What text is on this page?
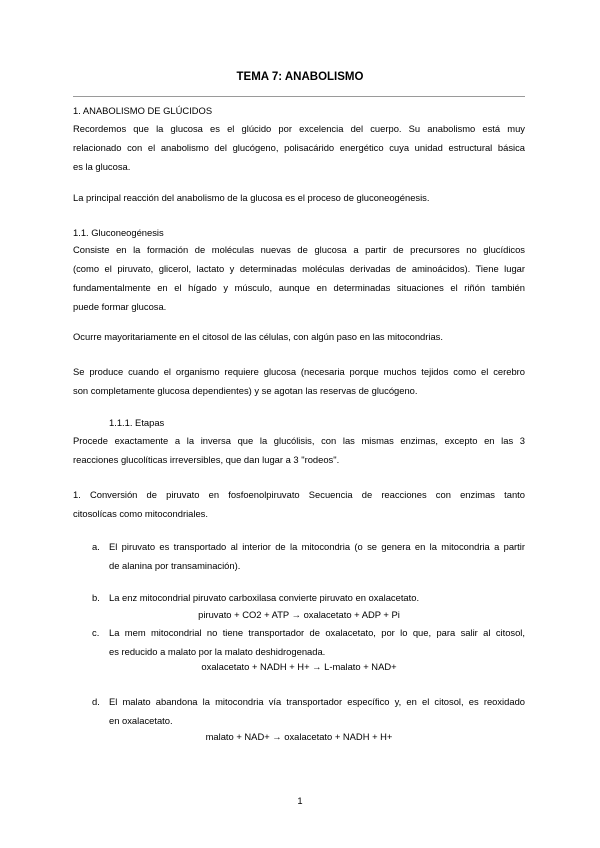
TEMA 7: ANABOLISMO
1. ANABOLISMO DE GLÚCIDOS
Recordemos que la glucosa es el glúcido por excelencia del cuerpo. Su anabolismo está muy
relacionado con el anabolismo del glucógeno, polisacárido energético cuya unidad estructural básica
es la glucosa.
La principal reacción del anabolismo de la glucosa es el proceso de gluconeogénesis.
1.1. Gluconeogénesis
Consiste en la formación de moléculas nuevas de glucosa a partir de precursores no glucídicos
(como el piruvato, glicerol, lactato y determinadas moléculas derivadas de aminoácidos). Tiene lugar
fundamentalmente en el hígado y músculo, aunque en determinadas situaciones el riñón también
puede formar glucosa.
Ocurre mayoritariamente en el citosol de las células, con algún paso en las mitocondrias.
Se produce cuando el organismo requiere glucosa (necesaria porque muchos tejidos como el cerebro
son completamente glucosa dependientes) y se agotan las reservas de glucógeno.
1.1.1. Etapas
Procede exactamente a la inversa que la glucólisis, con las mismas enzimas, excepto en las 3
reacciones glucolíticas irreversibles, que dan lugar a 3 "rodeos".
1. Conversión de piruvato en fosfoenolpiruvato Secuencia de reacciones con enzimas tanto
citosolícas como mitocondriales.
a. El piruvato es transportado al interior de la mitocondria (o se genera en la mitocondria a partir
de alanina por transaminación).
b. La enz mitocondrial piruvato carboxilasa convierte piruvato en oxalacetato.
piruvato + CO2 + ATP → oxalacetato + ADP + Pi
c. La mem mitocondrial no tiene transportador de oxalacetato, por lo que, para salir al citosol,
es reducido a malato por la malato deshidrogenada.
oxalacetato + NADH + H+ → L-malato + NAD+
d. El malato abandona la mitocondria vía transportador específico y, en el citosol, es reoxidado
en oxalacetato.
malato + NAD+ → oxalacetato + NADH + H+
1
